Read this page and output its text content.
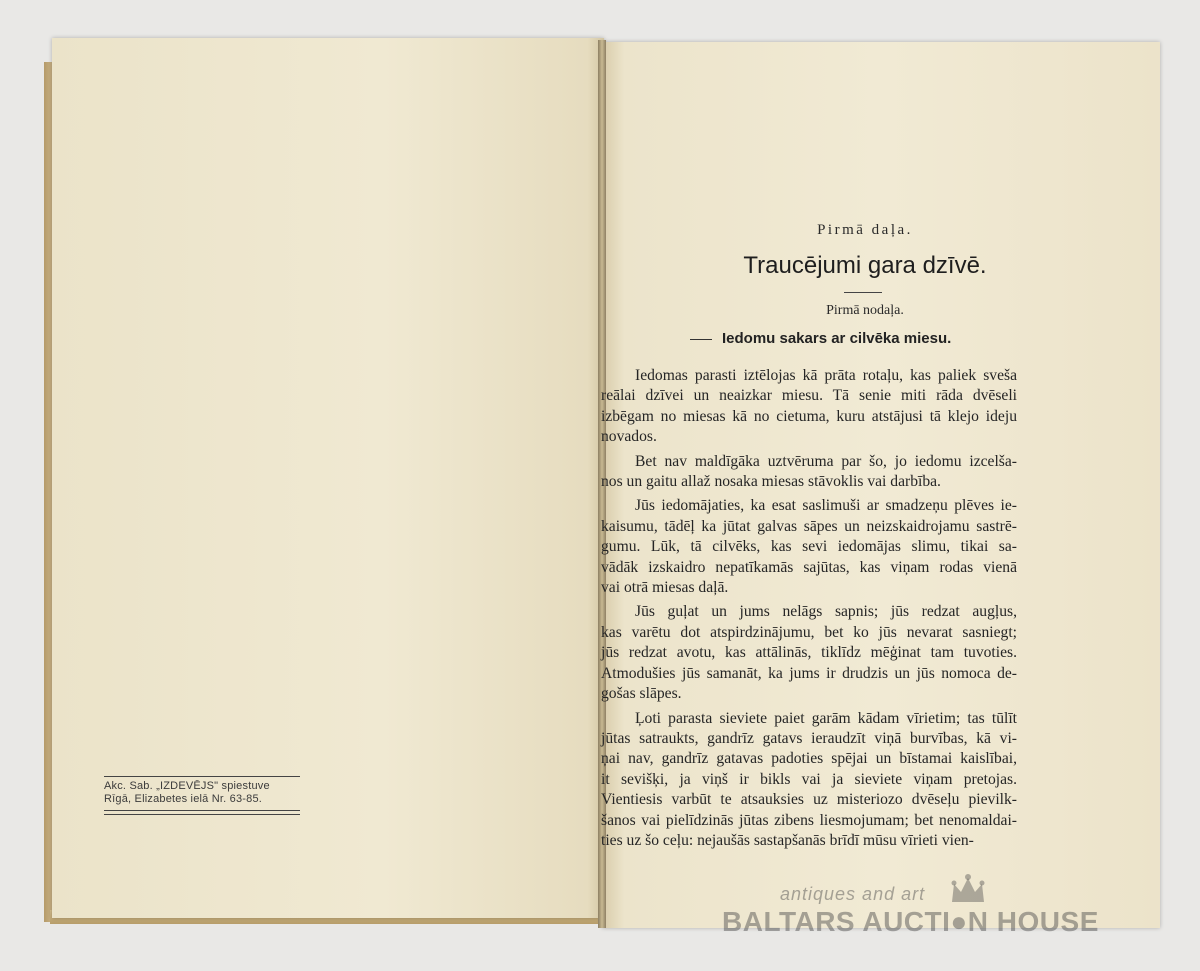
Akc. Sab. „IZDEVĒJS" spiestuve
Rīgā, Elizabetes ielā Nr. 63-85.
Pirmā daļa.
Traucējumi gara dzīvē.
Pirmā nodaļa.
Iedomu sakars ar cilvēka miesu.
Iedomas parasti iztēlojas kā prāta rotaļu, kas paliek sveša
reālai dzīvei un neaizkar miesu. Tā senie miti rāda dvēseli
izbēgam no miesas kā no cietuma, kuru atstājusi tā klejo ideju
novados.
Bet nav maldīgāka uztvēruma par šo, jo iedomu izcelša-
nos un gaitu allaž nosaka miesas stāvoklis vai darbība.
Jūs iedomājaties, ka esat saslimuši ar smadzeņu plēves ie-
kaisumu, tādēļ ka jūtat galvas sāpes un neizskaidrojamu sastrē-
gumu. Lūk, tā cilvēks, kas sevi iedomājas slimu, tikai sa-
vādāk izskaidro nepatīkamās sajūtas, kas viņam rodas vienā
vai otrā miesas daļā.
Jūs guļat un jums nelāgs sapnis; jūs redzat augļus,
kas varētu dot atspirdzinājumu, bet ko jūs nevarat sasniegt;
jūs redzat avotu, kas attālinās, tiklīdz mēģinat tam tuvoties.
Atmodušies jūs samanāt, ka jums ir drudzis un jūs nomoca de-
gošas slāpes.
Ļoti parasta sieviete paiet garām kādam vīrietim; tas tūlīt
jūtas satraukts, gandrīz gatavs ieraudzīt viņā burvības, kā vi-
ņai nav, gandrīz gatavas padoties spējai un bīstamai kaislībai,
it sevišķi, ja viņš ir bikls vai ja sieviete viņam pretojas.
Vientiesis varbūt te atsauksies uz misteriozo dvēseļu pievilk-
šanos vai pielīdzinās jūtas zibens liesmojumam; bet nenomaldai-
ties uz šo ceļu: nejaušās sastapšanās brīdī mūsu vīrieti vien-
antiques and art
BALTARS AUCTI●N HOUSE
